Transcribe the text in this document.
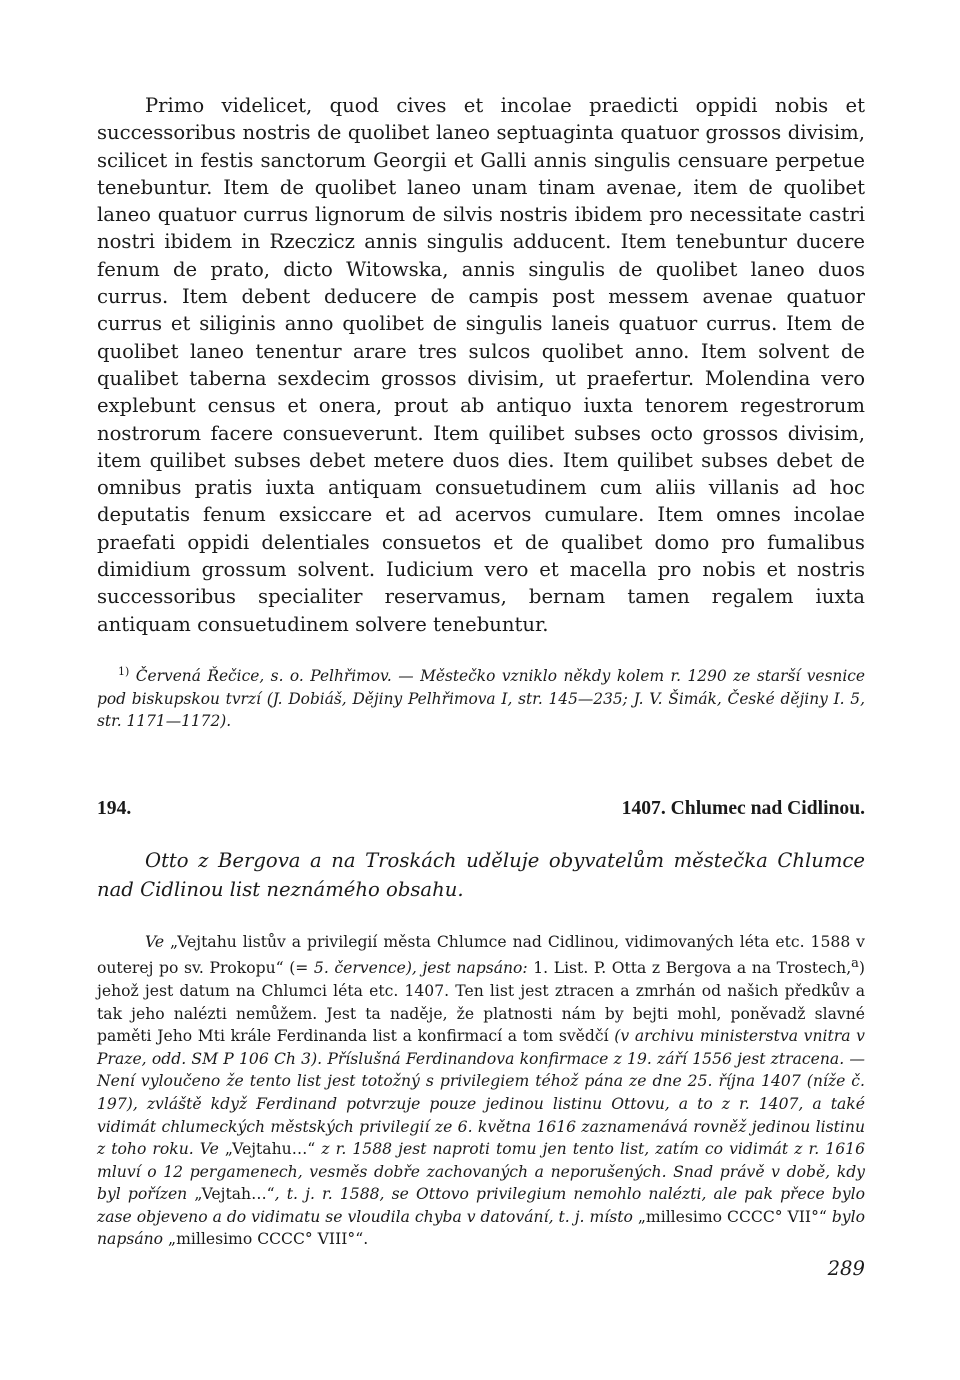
Primo videlicet, quod cives et incolae praedicti oppidi nobis et successoribus nostris de quolibet laneo septuaginta quatuor grossos divisim, scilicet in festis sanctorum Georgii et Galli annis singulis censuare perpetue tenebuntur. Item de quolibet laneo unam tinam avenae, item de quolibet laneo quatuor currus lignorum de silvis nostris ibidem pro necessitate castri nostri ibidem in Rzeczicz annis singulis adducent. Item tenebuntur ducere fenum de prato, dicto Witowska, annis singulis de quolibet laneo duos currus. Item debent deducere de campis post messem avenae quatuor currus et siliginis anno quolibet de singulis laneis quatuor currus. Item de quolibet laneo tenentur arare tres sulcos quolibet anno. Item solvent de qualibet taberna sexdecim grossos divisim, ut praefertur. Molendina vero explebunt census et onera, prout ab antiquo iuxta tenorem regestrorum nostrorum facere consueverunt. Item quilibet subses octo grossos divisim, item quilibet subses debet metere duos dies. Item quilibet subses debet de omnibus pratis iuxta antiquam consuetudinem cum aliis villanis ad hoc deputatis fenum exsiccare et ad acervos cumulare. Item omnes incolae praefati oppidi delentiales consuetos et de qualibet domo pro fumalibus dimidium grossum solvent. Iudicium vero et macella pro nobis et nostris successoribus specialiter reservamus, bernam tamen regalem iuxta antiquam consuetudinem solvere tenebuntur.

$^{1)}$ Červená Řečice, s. o. Pelhřimov. — Městečko vzniklo někdy kolem r. 1290 ze starší vesnice pod biskupskou tvrzí (J. Dobiáš, Dějiny Pelhřimova I, str. 145—235; J. V. Šimák, České dějiny I. 5, str. 1171—1172).

194.	1407. Chlumec nad Cidlinou.

Otto z Bergova a na Troskách uděluje obyvatelům městečka Chlumce nad Cidlinou list neznámého obsahu.

Ve „Vejtahu listův a privilegií města Chlumce nad Cidlinou, vidimovaných léta etc. 1588 v outerej po sv. Prokopu“ (= 5. července), jest napsáno: 1. List. P. Otta z Bergova a na Trostech,$^a$) jehož jest datum na Chlumci léta etc. 1407. Ten list jest ztracen a zmrhán od našich předkův a tak jeho nalézti nemůžem. Jest ta naděje, že platnosti nám by bejti mohl, poněvadž slavné paměti Jeho Mti krále Ferdinanda list a konfirmací a tom svědčí (v archivu ministerstva vnitra v Praze, odd. SM P 106 Ch 3). Příslušná Ferdinandova konfirmace z 19. září 1556 jest ztracena. — Není vyloučeno že tento list jest totožný s privilegiem téhož pána ze dne 25. října 1407 (níže č. 197), zvláště když Ferdinand potvrzuje pouze jedinou listinu Ottovu, a to z r. 1407, a také vidimát chlumeckých městských privilegií ze 6. května 1616 zaznamenává rovněž jedinou listinu z toho roku. Ve „Vejtahu…“ z r. 1588 jest naproti tomu jen tento list, zatím co vidimát z r. 1616 mluví o 12 pergamenech, vesměs dobře zachovaných a neporušených. Snad právě v době, kdy byl pořízen „Vejtah…“, t. j. r. 1588, se Ottovo privilegium nemohlo nalézti, ale pak přece bylo zase objeveno a do vidimatu se vloudila chyba v datování, t. j. místo „millesimo CCCC° VII°“ bylo napsáno „millesimo CCCC° VIII°“.

289
